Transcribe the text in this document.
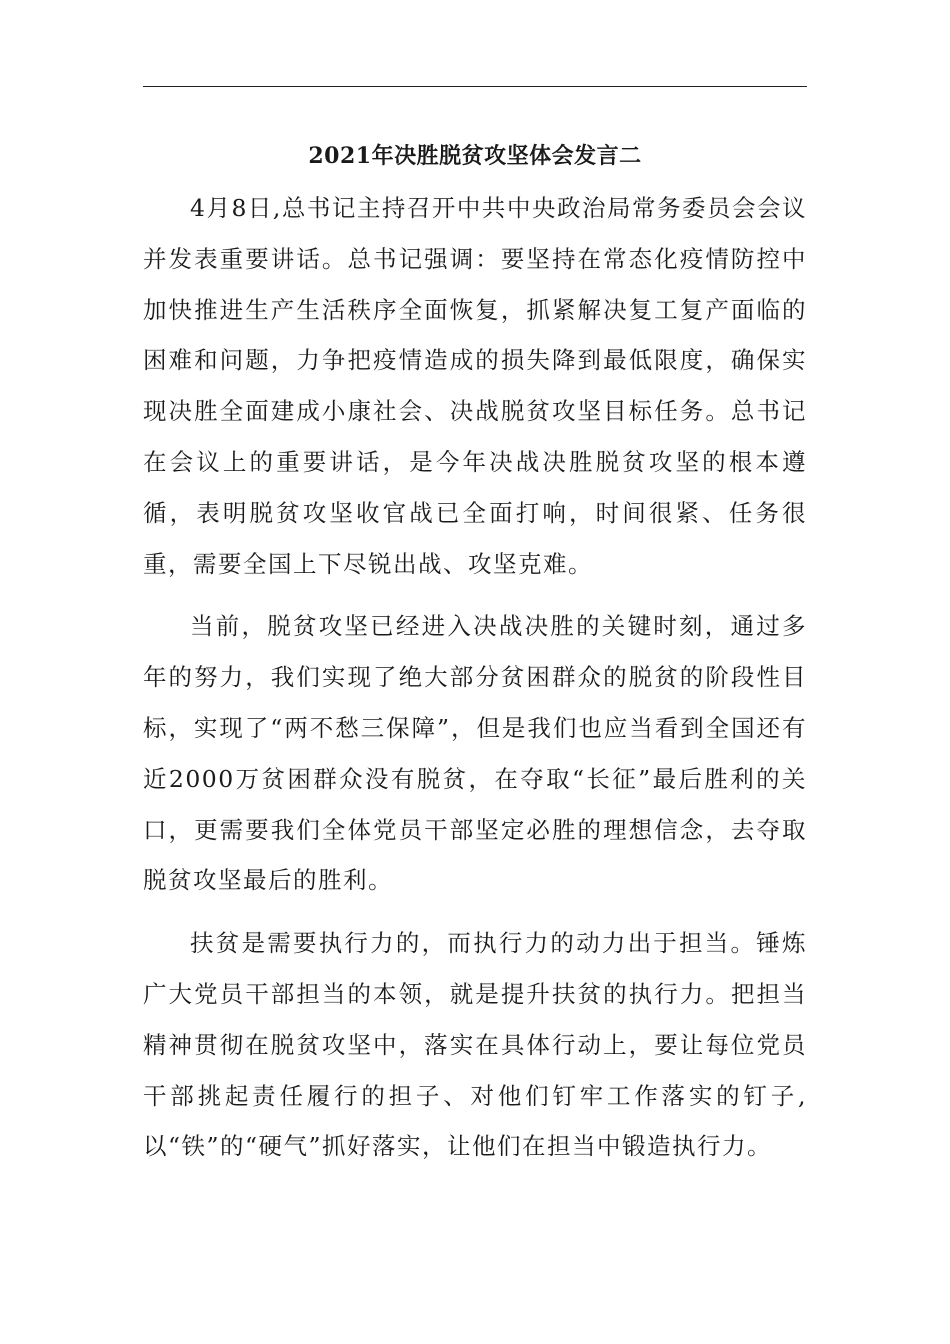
2021年决胜脱贫攻坚体会发言二

4月8日,总书记主持召开中共中央政治局常务委员会会议并发表重要讲话。总书记强调：要坚持在常态化疫情防控中加快推进生产生活秩序全面恢复，抓紧解决复工复产面临的困难和问题，力争把疫情造成的损失降到最低限度，确保实现决胜全面建成小康社会、决战脱贫攻坚目标任务。总书记在会议上的重要讲话，是今年决战决胜脱贫攻坚的根本遵循，表明脱贫攻坚收官战已全面打响，时间很紧、任务很重，需要全国上下尽锐出战、攻坚克难。

当前，脱贫攻坚已经进入决战决胜的关键时刻，通过多年的努力，我们实现了绝大部分贫困群众的脱贫的阶段性目标，实现了“两不愁三保障”，但是我们也应当看到全国还有近2000万贫困群众没有脱贫，在夺取“长征”最后胜利的关口，更需要我们全体党员干部坚定必胜的理想信念，去夺取脱贫攻坚最后的胜利。

扶贫是需要执行力的，而执行力的动力出于担当。锤炼广大党员干部担当的本领，就是提升扶贫的执行力。把担当精神贯彻在脱贫攻坚中，落实在具体行动上，要让每位党员干部挑起责任履行的担子、对他们钉牢工作落实的钉子,以“铁”的“硬气”抓好落实，让他们在担当中锻造执行力。
